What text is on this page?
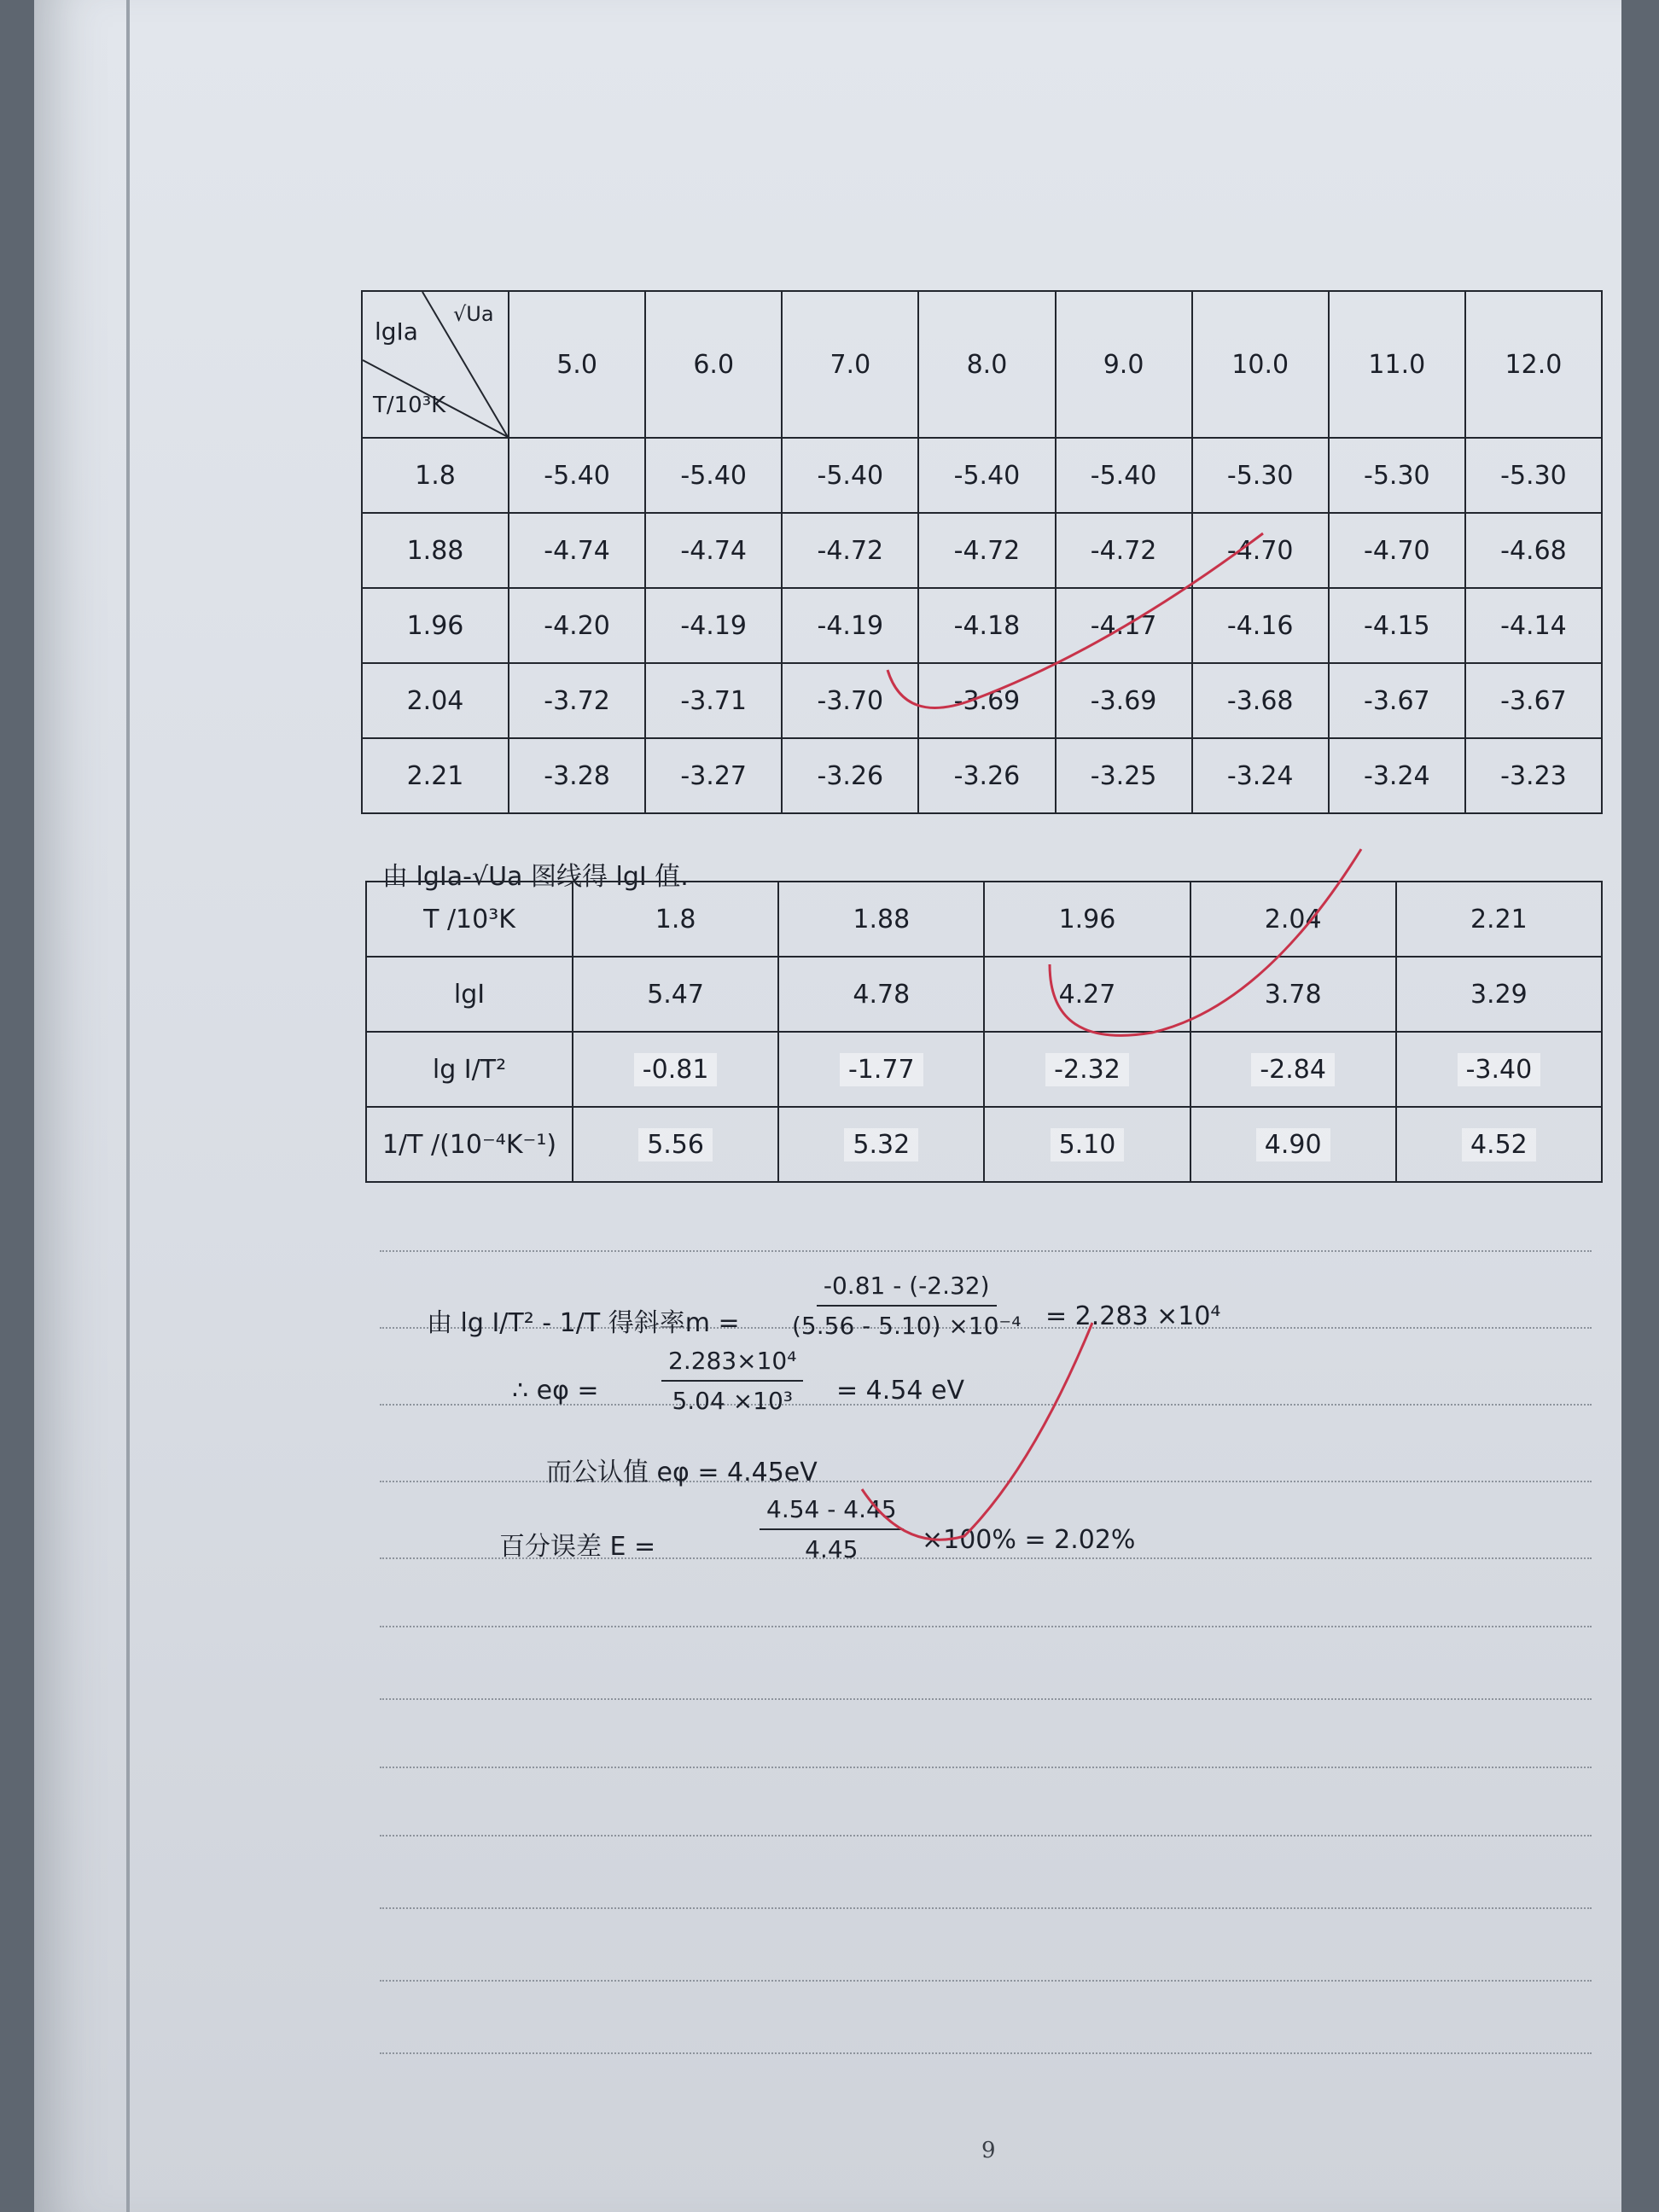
lgIa
√Ua
T/10³K	5.0	6.0	7.0	8.0	9.0	10.0	11.0	12.0
1.8	-5.40	-5.40	-5.40	-5.40	-5.40	-5.30	-5.30	-5.30
1.88	-4.74	-4.74	-4.72	-4.72	-4.72	-4.70	-4.70	-4.68
1.96	-4.20	-4.19	-4.19	-4.18	-4.17	-4.16	-4.15	-4.14
2.04	-3.72	-3.71	-3.70	-3.69	-3.69	-3.68	-3.67	-3.67
2.21	-3.28	-3.27	-3.26	-3.26	-3.25	-3.24	-3.24	-3.23
由 lgIa-√Ua 图线得 lgI 值.
T /10³K	1.8	1.88	1.96	2.04	2.21
lgI	5.47	4.78	4.27	3.78	3.29
lg I/T²	-0.81	-1.77	-2.32	-2.84	-3.40
1/T /(10⁻⁴K⁻¹)	5.56	5.32	5.10	4.90	4.52
由 lg I/T² - 1/T 得斜率$m = \frac{-0.81 - (-2.32)}{\text{(5.56 - 5.10) ×10⁻⁴}} = 2.283 \times 10^4$
∴ eφ =	$\frac{\text{2.283×10⁴}}{\text{5.04 ×10³}} = 4.54$ eV
而公认值 eφ = 4.45eV
百分误差 E =	$\frac{4.54 - 4.45}{4.45} \times 100\% = 2.02\%$
9
